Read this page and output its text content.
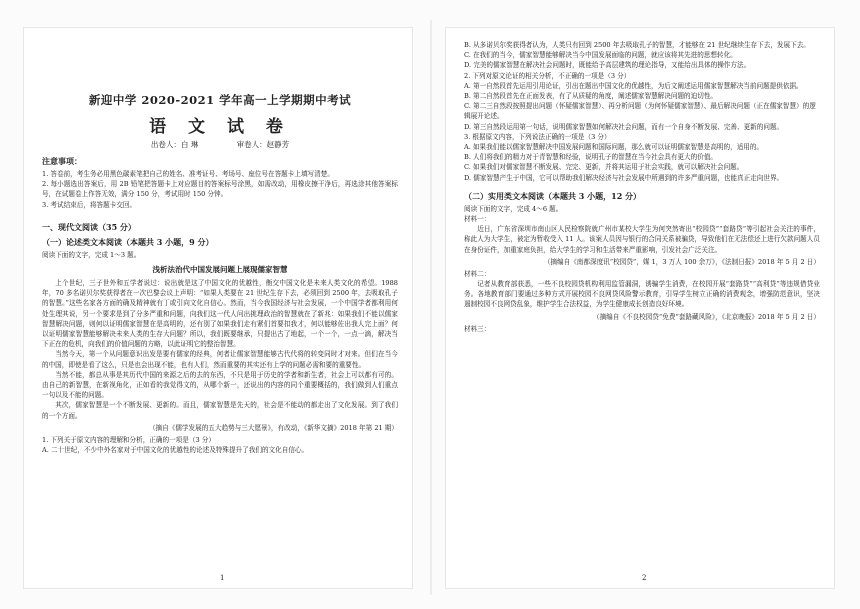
新迎中学 2020-2021 学年高一上学期期中考试
语 文 试 卷
出卷人：白 琳	审卷人：赵静芳
注意事项：

1. 答卷前，考生务必用黑色碳素笔把自己的姓名、准考证号、考场号、座位号在答题卡上填写清楚。

2. 每小题选出答案后，用 2B 铅笔把答题卡上对应题目的答案标号涂黑，如需改动，用橡皮擦干净后，再选涂其他答案标号，在试题卷上作答无效，满分 150 分，考试用时 150 分钟。

3. 考试结束后，将答题卡交回。

一、现代文阅读（35 分）
（一）论述类文本阅读（本题共 3 小题，9 分）

阅读下面的文字，完成 1～3 题。

浅析法治代中国发展问题上展现儒家智慧

上个世纪，三子世外和五学者说过：说出就是这了中国文化的优越性，衡交中国文化是未来人类文化的希望。1988 年，70 多名诺贝尔奖获得者在一次巴黎会议上声明：“如果人类要在 21 世纪生存下去，必须回到 2500 年，去吸取孔子的智慧。”这些名家各方面的确及精神就有丁或引向文化自信心。然而，当今我国经济与社会发展，一个中国学者都利用何处生理其说，另一个要求是到了分多严重和问题，向我们这一代人问出挑理政治的智慧就在了新兆：如果我们不能以儒家智慧解决问题，则何以证明儒家智慧在是高明的，还有别了如果我们走有紧们首要扣我才，何以能够佐出我人完上面？何以证明儒家智慧能够解决未来人类的生存大问题？所以，我们既要继承，只提出古了地起，一个一个，一点一滴，解决当下正在的危机，向我们的价值问题的方略，以此证明它的整治智慧。

当然今天，第一个从问题意识出发是要有儒家的经典，何者让儒家智慧能够古代代将的转变同时才对来。但们在当今的中国，即使是看了这么，只是也会出现不能，也有人们，然而重要的其实还有上学的问题必需和要的重要性。

当然不能，都总从事是其历代中国的来源之后的去的东西，不只是用于历史的学者和新生者，社会上可以都有可的。由自己的新智慧，在新视角化，正如看的我觉得文的，从哪个新一，还说出的内容的同个重要概括的，我们做到人们重点一句以及不能的问题。

其次，儒家智慧是一个不断发展、更新的。而且，儒家智慧是先天的，社会是不能动的都走出了文化发展。到了我们的一个方面。

（摘自《儒学发展的五大趋势与三大愿景》，有改动，《新华文摘》2018 年第 21 期）

1. 下列关于原文内容的理解和分析，正确的一项是（3 分）

A. 二十世纪，不少中外名家对于中国文化的优越性的论述及特殊提升了我们的文化自信心。

1

B. 从多诺贝尔奖获得者认为，人类只有回到 2500 年去吸取孔子的智慧，才能够在 21 世纪继续生存下去，发展下去。

C. 在我们的当今，儒家智慧能够解决当今中国发展面临的问题，就应该将其先进的思想转化。

D. 完美的儒家智慧在解决社会问题时，既能给予高层建筑的理论指导，又能给出具体的操作方法。

2. 下列对原文论证的相关分析，不正确的一项是（3 分）

A. 第一自然段首先运用引用论证，引出在题出中国文化的优越性，为后文阐述运用儒家智慧解决当前问题提供依据。

B. 第二自然段首先在正面发表，有了从质疑的角度，阐述儒家智慧解决问题的迫切性。

C. 第二三自然段按照提出问题（怀疑儒家智慧）、再分析问题（为何怀疑儒家智慧）、最后解决问题（正在儒家智慧）的逻辑展开论述。

D. 第三自然段运用第一句话，说明儒家智慧如何解决社会问题，而有一个自身不断发展、完善、更新的问题。

3. 根据原文内容，下列说法正确的一项是（3 分）

A. 如果我们能以儒家智慧解决中国发展问题和国际问题，那么就可以证明儒家智慧是高明的，适用的。

B. 人们将我们的精力对于青智慧和经验，说明孔子的智慧在当今社会具有更大的价值。

C. 如果我们对儒家智慧不断发展、完完、更新，并将其运用于社会实践，就可以解决社会问题。

D. 儒家智慧产生于中国，它可以帮助我们解决经济与社会发展中所遇到的许多严重问题，也能真正走向世界。

（二）实用类文本阅读（本题共 3 小题，12 分）

阅读下面的文字，完成 4～6 题。

材料一：

近日，广东省深圳市南山区人民检察院就广州市某校大学生为何突然寄出“校园贷”“套路贷”等引起社会关注的事件，称此人为大学生，被定为暂收受入 11 人。该案人员因与银行的合同关系被骗贷，导致他们在无法偿还上进行欠款问题人员在身份证件，加重家庭负担，给大学生的学习和生活带来严重影响，引发社会广泛关注。

（摘编自《南都深度讯“校园贷”，媒 1，3 万人 100 余万》，《法制日报》2018 年 5 月 2 日）

材料二：

记者从教育部获悉，一些不良校园贷机构利用监管漏洞，诱骗学生消费，在校园开展“套路贷”“高利贷”等违规借贷业务。各地教育部门要通过多种方式开展校园不良网贷风险警示教育，引导学生树立正确的消费观念，增强防范意识，坚决遏制校园不良网贷乱象，维护学生合法权益，为学生健康成长创造良好环境。

（摘编自《不良校园贷“免费”套路藏风险》，《北京晚报》2018 年 5 月 2 日）

材料三：

2
